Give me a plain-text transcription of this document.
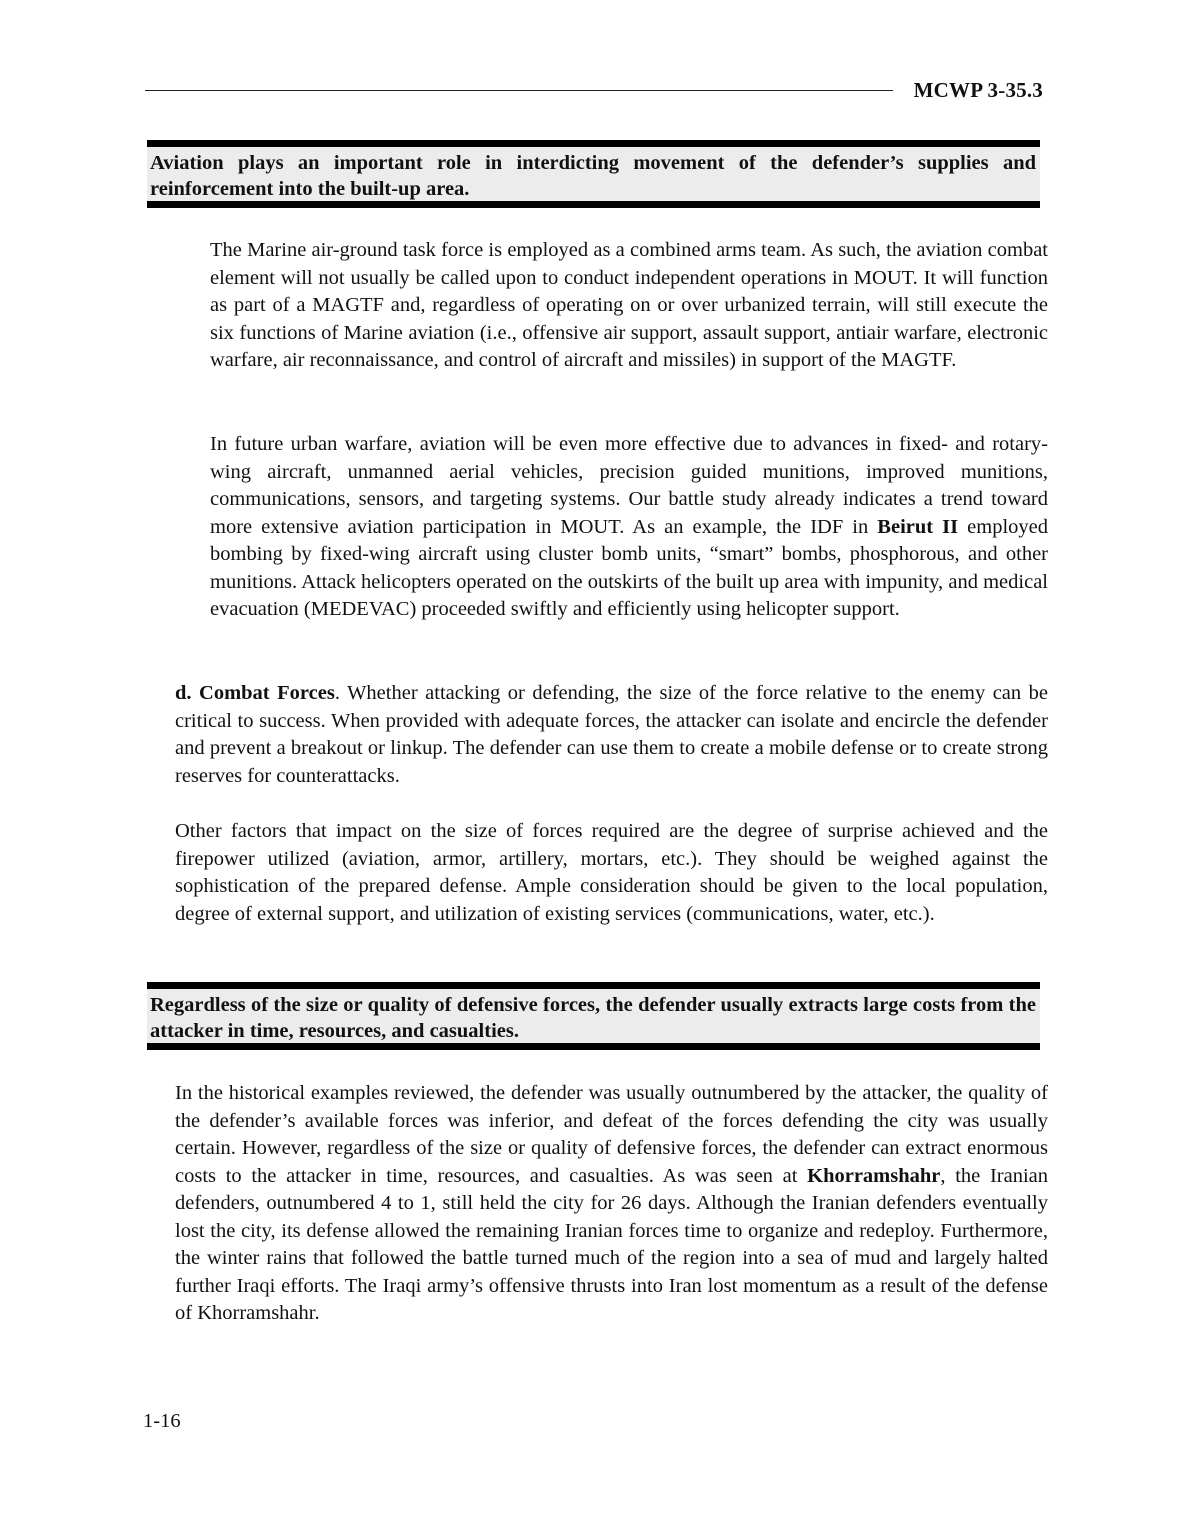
MCWP 3-35.3
Aviation plays an important role in interdicting movement of the defender’s supplies and reinforcement into the built-up area.

The Marine air-ground task force is employed as a combined arms team. As such, the aviation combat element will not usually be called upon to conduct independent operations in MOUT. It will function as part of a MAGTF and, regardless of operating on or over urbanized terrain, will still execute the six functions of Marine aviation (i.e., offensive air support, assault support, antiair warfare, electronic warfare, air reconnaissance, and control of aircraft and missiles) in support of the MAGTF.

In future urban warfare, aviation will be even more effective due to advances in fixed- and rotary-wing aircraft, unmanned aerial vehicles, precision guided munitions, improved munitions, communications, sensors, and targeting systems. Our battle study already indicates a trend toward more extensive aviation participation in MOUT. As an example, the IDF in Beirut II employed bombing by fixed-wing aircraft using cluster bomb units, “smart” bombs, phosphorous, and other munitions. Attack helicopters operated on the outskirts of the built up area with impunity, and medical evacuation (MEDEVAC) proceeded swiftly and efficiently using helicopter support.

d. Combat Forces. Whether attacking or defending, the size of the force relative to the enemy can be critical to success. When provided with adequate forces, the attacker can isolate and encircle the defender and prevent a breakout or linkup. The defender can use them to create a mobile defense or to create strong reserves for counterattacks.

Other factors that impact on the size of forces required are the degree of surprise achieved and the firepower utilized (aviation, armor, artillery, mortars, etc.). They should be weighed against the sophistication of the prepared defense. Ample consideration should be given to the local population, degree of external support, and utilization of existing services (communications, water, etc.).

Regardless of the size or quality of defensive forces, the defender usually extracts large costs from the attacker in time, resources, and casualties.

In the historical examples reviewed, the defender was usually outnumbered by the attacker, the quality of the defender’s available forces was inferior, and defeat of the forces defending the city was usually certain. However, regardless of the size or quality of defensive forces, the defender can extract enormous costs to the attacker in time, resources, and casualties. As was seen at Khorramshahr, the Iranian defenders, outnumbered 4 to 1, still held the city for 26 days. Although the Iranian defenders eventually lost the city, its defense allowed the remaining Iranian forces time to organize and redeploy. Furthermore, the winter rains that followed the battle turned much of the region into a sea of mud and largely halted further Iraqi efforts. The Iraqi army’s offensive thrusts into Iran lost momentum as a result of the defense of Khorramshahr.

1-16
